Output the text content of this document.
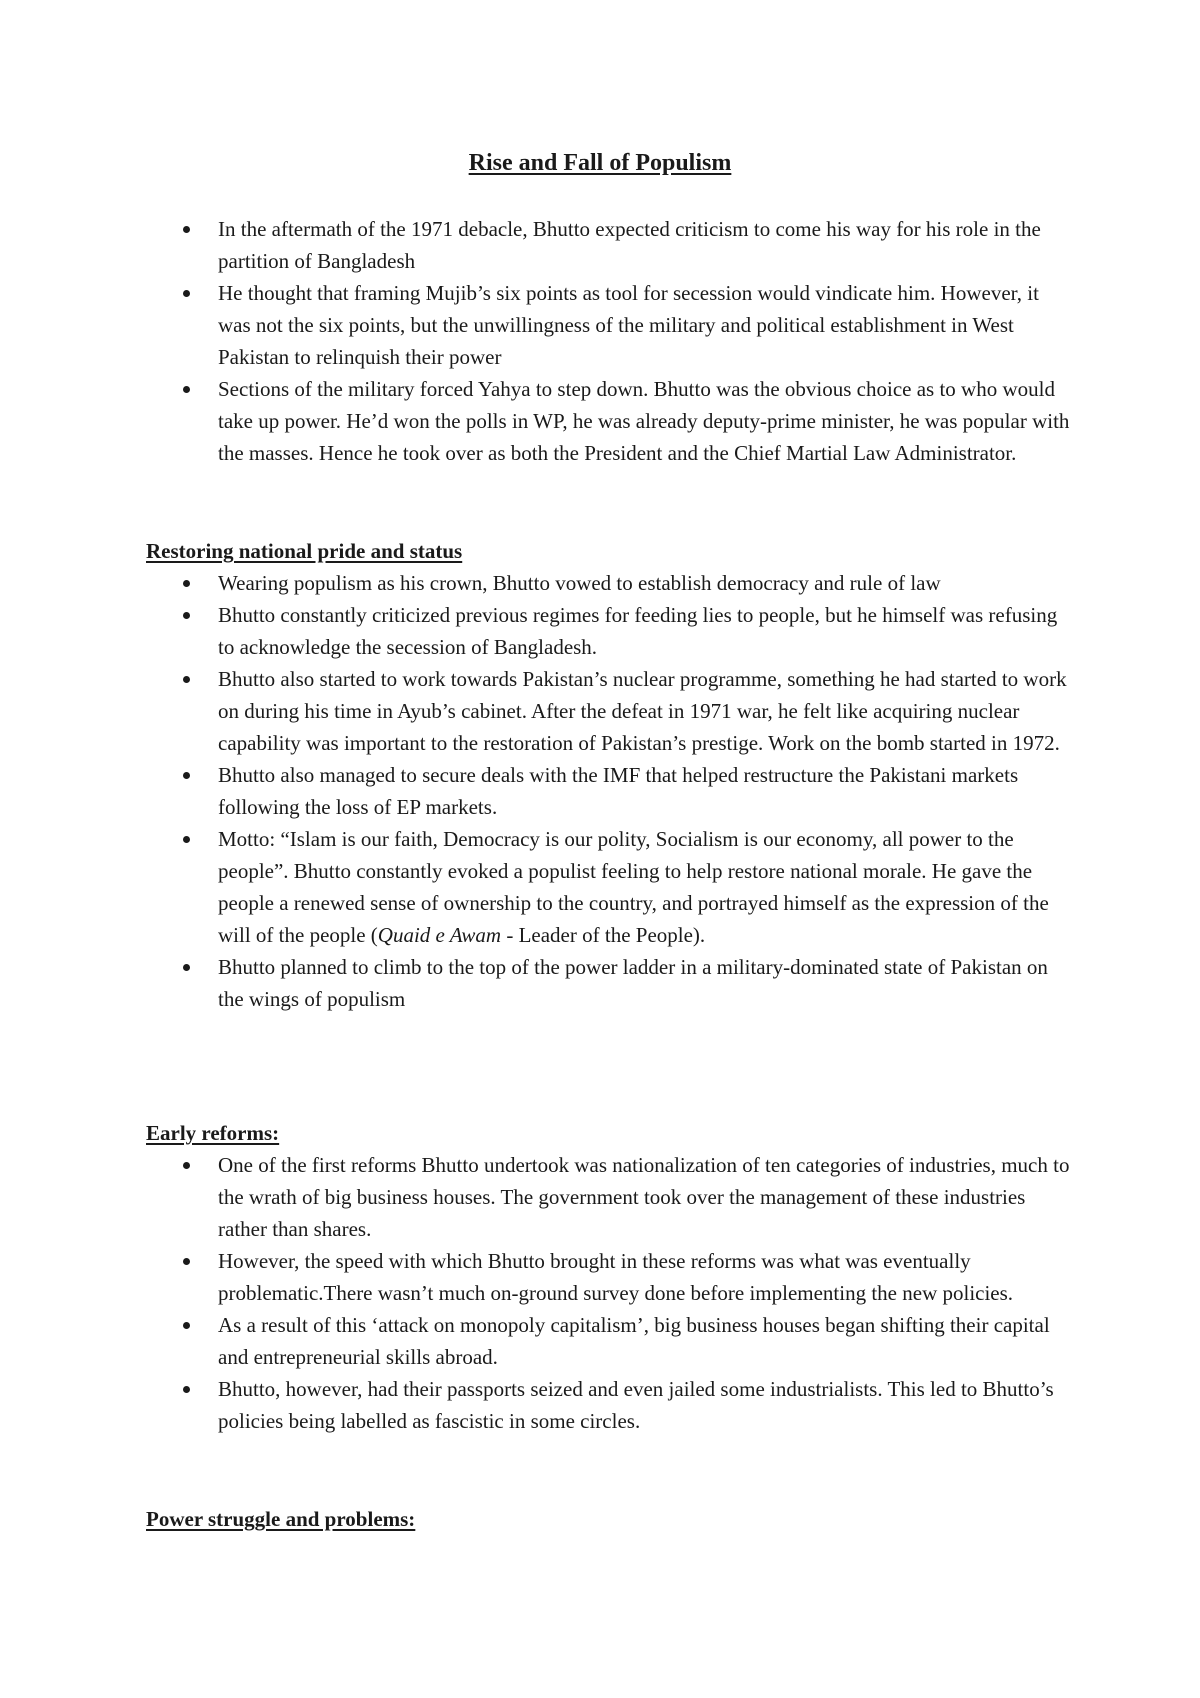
Rise and Fall of Populism
In the aftermath of the 1971 debacle, Bhutto expected criticism to come his way for his role in the partition of Bangladesh
He thought that framing Mujib’s six points as tool for secession would vindicate him. However, it was not the six points, but the unwillingness of the military and political establishment in West Pakistan to relinquish their power
Sections of the military forced Yahya to step down. Bhutto was the obvious choice as to who would take up power. He’d won the polls in WP, he was already deputy-prime minister, he was popular with the masses. Hence he took over as both the President and the Chief Martial Law Administrator.
Restoring national pride and status
Wearing populism as his crown, Bhutto vowed to establish democracy and rule of law
Bhutto constantly criticized previous regimes for feeding lies to people, but he himself was refusing to acknowledge the secession of Bangladesh.
Bhutto also started to work towards Pakistan’s nuclear programme, something he had started to work on during his time in Ayub’s cabinet. After the defeat in 1971 war, he felt like acquiring nuclear capability was important to the restoration of Pakistan’s prestige. Work on the bomb started in 1972.
Bhutto also managed to secure deals with the IMF that helped restructure the Pakistani markets following the loss of EP markets.
Motto: “Islam is our faith, Democracy is our polity, Socialism is our economy, all power to the people”. Bhutto constantly evoked a populist feeling to help restore national morale. He gave the people a renewed sense of ownership to the country, and portrayed himself as the expression of the will of the people (Quaid e Awam - Leader of the People).
Bhutto planned to climb to the top of the power ladder in a military-dominated state of Pakistan on the wings of populism
Early reforms:
One of the first reforms Bhutto undertook was nationalization of ten categories of industries, much to the wrath of big business houses. The government took over the management of these industries rather than shares.
However, the speed with which Bhutto brought in these reforms was what was eventually problematic.There wasn’t much on-ground survey done before implementing the new policies.
As a result of this ‘attack on monopoly capitalism’, big business houses began shifting their capital and entrepreneurial skills abroad.
Bhutto, however, had their passports seized and even jailed some industrialists. This led to Bhutto’s policies being labelled as fascistic in some circles.
Power struggle and problems:
